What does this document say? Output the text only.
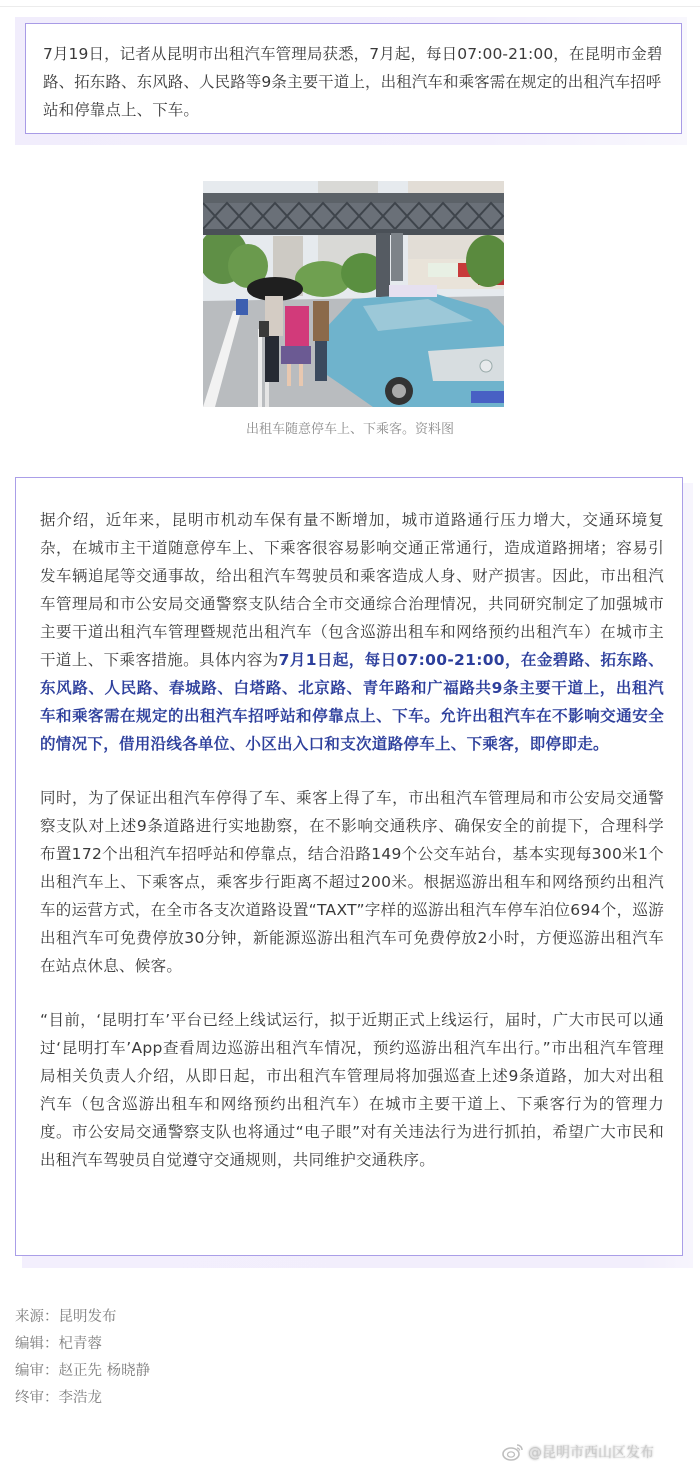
7月19日，记者从昆明市出租汽车管理局获悉，7月起，每日07:00-21:00，在昆明市金碧路、拓东路、东风路、人民路等9条主要干道上，出租汽车和乘客需在规定的出租汽车招呼站和停靠点上、下车。

出租车随意停车上、下乘客。资料图

据介绍，近年来，昆明市机动车保有量不断增加，城市道路通行压力增大，交通环境复杂，在城市主干道随意停车上、下乘客很容易影响交通正常通行，造成道路拥堵；容易引发车辆追尾等交通事故，给出租汽车驾驶员和乘客造成人身、财产损害。因此，市出租汽车管理局和市公安局交通警察支队结合全市交通综合治理情况，共同研究制定了加强城市主要干道出租汽车管理暨规范出租汽车（包含巡游出租车和网络预约出租汽车）在城市主干道上、下乘客措施。具体内容为7月1日起，每日07:00-21:00，在金碧路、拓东路、东风路、人民路、春城路、白塔路、北京路、青年路和广福路共9条主要干道上，出租汽车和乘客需在规定的出租汽车招呼站和停靠点上、下车。允许出租汽车在不影响交通安全的情况下，借用沿线各单位、小区出入口和支次道路停车上、下乘客，即停即走。

同时，为了保证出租汽车停得了车、乘客上得了车，市出租汽车管理局和市公安局交通警察支队对上述9条道路进行实地勘察，在不影响交通秩序、确保安全的前提下，合理科学布置172个出租汽车招呼站和停靠点，结合沿路149个公交车站台，基本实现每300米1个出租汽车上、下乘客点，乘客步行距离不超过200米。根据巡游出租车和网络预约出租汽车的运营方式，在全市各支次道路设置“TAXT”字样的巡游出租汽车停车泊位694个，巡游出租汽车可免费停放30分钟，新能源巡游出租汽车可免费停放2小时，方便巡游出租汽车在站点休息、候客。

“目前，‘昆明打车’平台已经上线试运行，拟于近期正式上线运行，届时，广大市民可以通过‘昆明打车’App查看周边巡游出租汽车情况，预约巡游出租汽车出行。”市出租汽车管理局相关负责人介绍，从即日起，市出租汽车管理局将加强巡查上述9条道路，加大对出租汽车（包含巡游出租车和网络预约出租汽车）在城市主要干道上、下乘客行为的管理力度。市公安局交通警察支队也将通过“电子眼”对有关违法行为进行抓拍，希望广大市民和出租汽车驾驶员自觉遵守交通规则，共同维护交通秩序。

来源：昆明发布
编辑：杞青蓉
编审：赵正先 杨晓静
终审：李浩龙
@昆明市西山区发布
